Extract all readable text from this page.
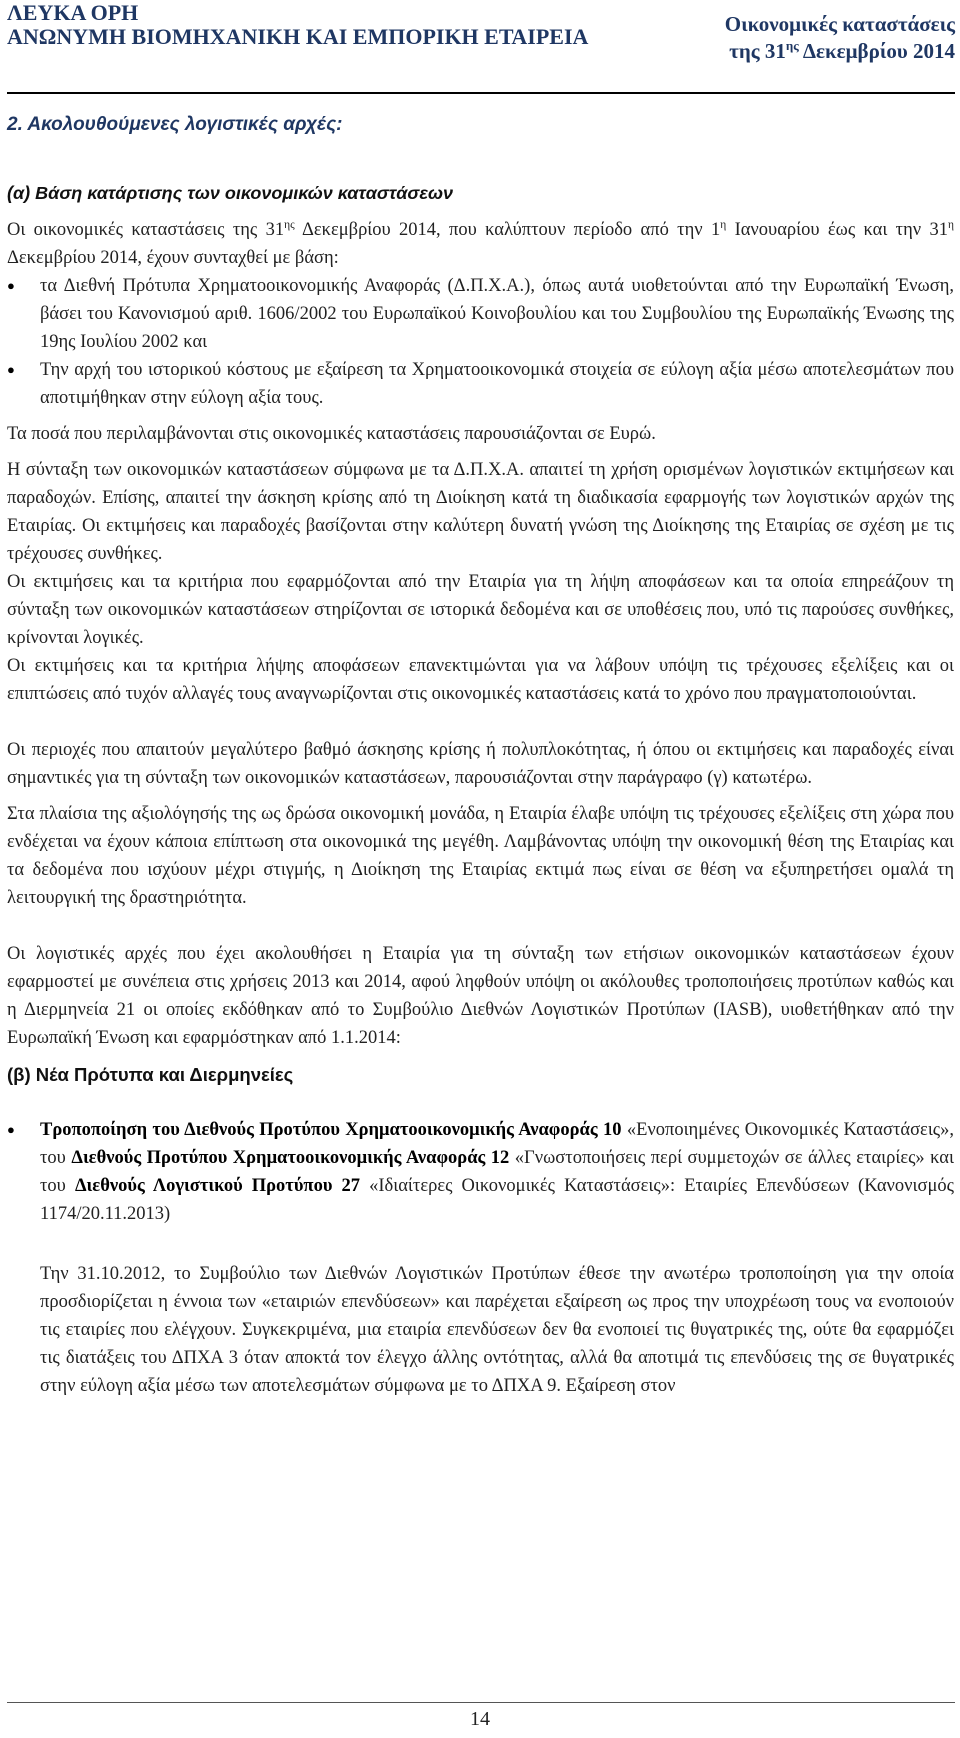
ΛΕΥΚΑ ΟΡΗ
ΑΝΩΝΥΜΗ ΒΙΟΜΗΧΑΝΙΚΗ ΚΑΙ ΕΜΠΟΡΙΚΗ ΕΤΑΙΡΕΙΑ	Οικονομικές καταστάσεις
της $31^{\eta\varsigma}$ Δεκεμβρίου 2014
2. Ακολουθούμενες λογιστικές αρχές:
(α) Βάση κατάρτισης των οικονομικών καταστάσεων

Οι οικονομικές καταστάσεις της $31^{\eta\varsigma}$ Δεκεμβρίου 2014, που καλύπτουν περίοδο από την $1^\eta$ Ιανουαρίου έως και την $31^\eta$ Δεκεμβρίου 2014, έχουν συνταχθεί με βάση:

● τα Διεθνή Πρότυπα Χρηματοοικονομικής Αναφοράς (Δ.Π.Χ.Α.), όπως αυτά υιοθετούνται από την Ευρωπαϊκή Ένωση, βάσει του Κανονισμού αριθ. 1606/2002 του Ευρωπαϊκού Κοινοβουλίου και του Συμβουλίου της Ευρωπαϊκής Ένωσης της 19ης Ιουλίου 2002 και
● Την αρχή του ιστορικού κόστους με εξαίρεση τα Χρηματοοικονομικά στοιχεία σε εύλογη αξία μέσω αποτελεσμάτων που αποτιμήθηκαν στην εύλογη αξία τους.

Τα ποσά που περιλαμβάνονται στις οικονομικές καταστάσεις παρουσιάζονται σε Ευρώ.

Η σύνταξη των οικονομικών καταστάσεων σύμφωνα με τα Δ.Π.Χ.Α. απαιτεί τη χρήση ορισμένων λογιστικών εκτιμήσεων και παραδοχών. Επίσης, απαιτεί την άσκηση κρίσης από τη Διοίκηση κατά τη διαδικασία εφαρμογής των λογιστικών αρχών της Εταιρίας. Οι εκτιμήσεις και παραδοχές βασίζονται στην καλύτερη δυνατή γνώση της Διοίκησης της Εταιρίας σε σχέση με τις τρέχουσες συνθήκες.

Οι εκτιμήσεις και τα κριτήρια που εφαρμόζονται από την Εταιρία για τη λήψη αποφάσεων και τα οποία επηρεάζουν τη σύνταξη των οικονομικών καταστάσεων στηρίζονται σε ιστορικά δεδομένα και σε υποθέσεις που, υπό τις παρούσες συνθήκες, κρίνονται λογικές.

Οι εκτιμήσεις και τα κριτήρια λήψης αποφάσεων επανεκτιμώνται για να λάβουν υπόψη τις τρέχουσες εξελίξεις και οι επιπτώσεις από τυχόν αλλαγές τους αναγνωρίζονται στις οικονομικές καταστάσεις κατά το χρόνο που πραγματοποιούνται.

Οι περιοχές που απαιτούν μεγαλύτερο βαθμό άσκησης κρίσης ή πολυπλοκότητας, ή όπου οι εκτιμήσεις και παραδοχές είναι σημαντικές για τη σύνταξη των οικονομικών καταστάσεων, παρουσιάζονται στην παράγραφο (γ) κατωτέρω.

Στα πλαίσια της αξιολόγησής της ως δρώσα οικονομική μονάδα, η Εταιρία έλαβε υπόψη τις τρέχουσες εξελίξεις στη χώρα που ενδέχεται να έχουν κάποια επίπτωση στα οικονομικά της μεγέθη. Λαμβάνοντας υπόψη την οικονομική θέση της Εταιρίας και τα δεδομένα που ισχύουν μέχρι στιγμής, η Διοίκηση της Εταιρίας εκτιμά πως είναι σε θέση να εξυπηρετήσει ομαλά τη λειτουργική της δραστηριότητα.

Οι λογιστικές αρχές που έχει ακολουθήσει η Εταιρία για τη σύνταξη των ετήσιων οικονομικών καταστάσεων έχουν εφαρμοστεί με συνέπεια στις χρήσεις 2013 και 2014, αφού ληφθούν υπόψη οι ακόλουθες τροποποιήσεις προτύπων καθώς και η Διερμηνεία 21 οι οποίες εκδόθηκαν από το Συμβούλιο Διεθνών Λογιστικών Προτύπων (IASB), υιοθετήθηκαν από την Ευρωπαϊκή Ένωση και εφαρμόστηκαν από 1.1.2014:

(β) Νέα Πρότυπα και Διερμηνείες
● Τροποποίηση του Διεθνούς Προτύπου Χρηματοοικονομικής Αναφοράς 10 «Ενοποιημένες Οικονομικές Καταστάσεις», του Διεθνούς Προτύπου Χρηματοοικονομικής Αναφοράς 12 «Γνωστοποιήσεις περί συμμετοχών σε άλλες εταιρίες» και του Διεθνούς Λογιστικού Προτύπου 27 «Ιδιαίτερες Οικονομικές Καταστάσεις»: Εταιρίες Επενδύσεων (Κανονισμός 1174/20.11.2013)

Την 31.10.2012, το Συμβούλιο των Διεθνών Λογιστικών Προτύπων έθεσε την ανωτέρω τροποποίηση για την οποία προσδιορίζεται η έννοια των «εταιριών επενδύσεων» και παρέχεται εξαίρεση ως προς την υποχρέωση τους να ενοποιούν τις εταιρίες που ελέγχουν. Συγκεκριμένα, μια εταιρία επενδύσεων δεν θα ενοποιεί τις θυγατρικές της, ούτε θα εφαρμόζει τις διατάξεις του ΔΠΧΑ 3 όταν αποκτά τον έλεγχο άλλης οντότητας, αλλά θα αποτιμά τις επενδύσεις της σε θυγατρικές στην εύλογη αξία μέσω των αποτελεσμάτων σύμφωνα με το ΔΠΧΑ 9. Εξαίρεση στον

14
